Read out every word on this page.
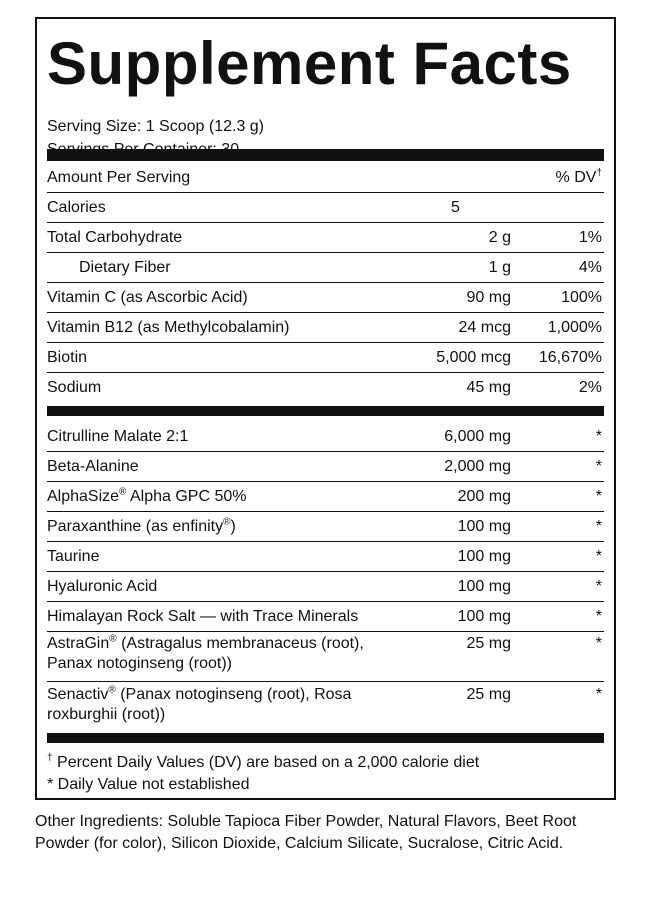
Supplement Facts
Serving Size: 1 Scoop (12.3 g)
Amount Per Serving	% DV†
Calories	5
Total Carbohydrate	2 g	1%
Dietary Fiber	1 g	4%
Vitamin C (as Ascorbic Acid)	90 mg	100%
Vitamin B12 (as Methylcobalamin)	24 mcg 1,000%
Biotin	5,000 mcg 16,670%
Sodium	45 mg	2%
Citrulline Malate 2:1	6,000 mg	*
Beta-Alanine	2,000 mg	*
AlphaSize® Alpha GPC 50%	200 mg	*
Paraxanthine (as enfinity®)	100 mg	*
Taurine	100 mg	*
Hyaluronic Acid	100 mg	*
Himalayan Rock Salt — with Trace Minerals	100 mg	*
AstraGin® (Astragalus membranaceus (root),
Panax notoginseng (root))
25 mg	*
Senactiv® (Panax notoginseng (root), Rosa
roxburghii (root))
25 mg	*
† Percent Daily Values (DV) are based on a 2,000 calorie diet
* Daily Value not established
Other Ingredients: Soluble Tapioca Fiber Powder, Natural Flavors, Beet Root Powder (for color), Silicon Dioxide, Calcium Silicate, Sucralose, Citric Acid.
